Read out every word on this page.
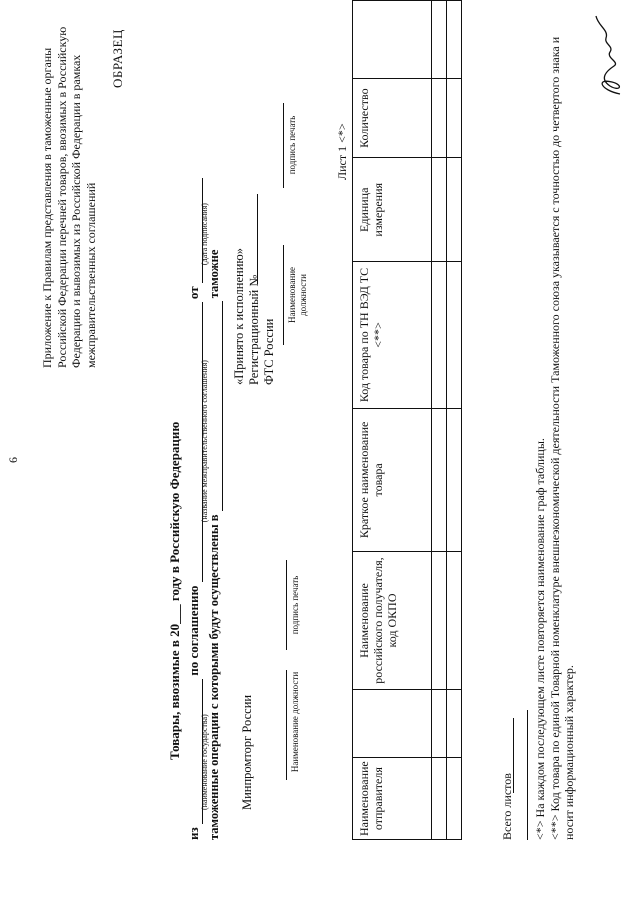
6
Приложение к Правилам представления в таможенные органы Российской Федерации перечней товаров, ввозимых в Российскую Федерацию и вывозимых из Российской Федерации в рамках межправительственных соглашений
ОБРАЗЕЦ
Товары, ввозимые в 20___ году в Российскую Федерацию
из
(наименование государства)
по соглашению
(название межправительственного соглашения)
от
(дата подписания)
таможенные операции с которыми будут осуществлены в   таможне
Минпромторг России	Наименование должности
подпись печать
«Принято к исполнению» Регистрационный № ФТС России
Наименование должности
подпись печать	Лист 1 <*>
Наименование отправителя		Наименование российского получателя, код ОКПО	Краткое наименование товара	Код товара по ТН ВЭД ТС <**>	Единица измерения	Количество	

Всего листов <*> На каждом последующем листе повторяется наименование граф таблицы. <**> Код товара по единой Товарной номенклатуре внешнеэкономической деятельности Таможенного союза указывается с точностью до четвертого знака и носит информационный характер.
